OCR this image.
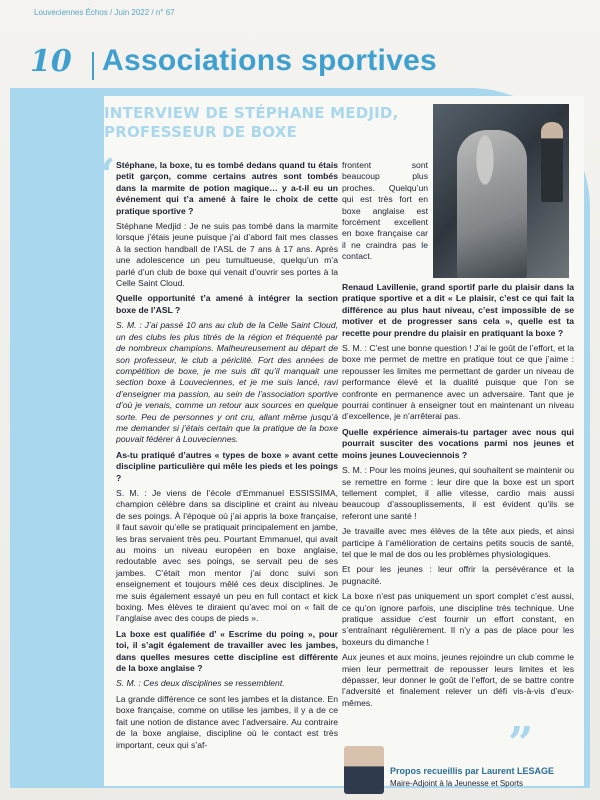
Louveciennes Échos / Juin 2022 / n° 67
10 Associations sportives
INTERVIEW DE STÉPHANE MEDJID,
PROFESSEUR DE BOXE
“ Stéphane, la boxe, tu es tombé dedans quand tu étais petit garçon, comme certains autres sont tombés dans la marmite de potion magique… y a-t-il eu un événement qui t’a amené à faire le choix de cette pratique sportive ?

Stéphane Medjid : Je ne suis pas tombé dans la marmite lorsque j’étais jeune puisque j’ai d’abord fait mes classes à la section handball de l’ASL de 7 ans à 17 ans. Après une adolescence un peu tumultueuse, quelqu’un m’a parlé d’un club de boxe qui venait d’ouvrir ses portes à la Celle Saint Cloud.

Quelle opportunité t’a amené à intégrer la section boxe de l’ASL ?

S. M. : J’ai passé 10 ans au club de la Celle Saint Cloud, un des clubs les plus titrés de la région et fréquenté par de nombreux champions. Malheureusement au départ de son professeur, le club a périclité. Fort des années de compétition de boxe, je me suis dit qu’il manquait une section boxe à Louveciennes, et je me suis lancé, ravi d’enseigner ma passion, au sein de l’association sportive d’où je venais, comme un retour aux sources en quelque sorte. Peu de personnes y ont cru, allant même jusqu’à me demander si j’étais certain que la pratique de la boxe pouvait fédérer à Louveciennes.

As-tu pratiqué d’autres « types de boxe » avant cette discipline particulière qui mêle les pieds et les poings ?

S. M. : Je viens de l’école d’Emmanuel ESSISSIMA, champion célèbre dans sa discipline et craint au niveau de ses poings. À l’époque où j’ai appris la boxe française, il faut savoir qu’elle se pratiquait principalement en jambe, les bras servaient très peu. Pourtant Emmanuel, qui avait au moins un niveau européen en boxe anglaise, redoutable avec ses poings, se servait peu de ses jambes. C’était mon mentor j’ai donc suivi son enseignement et toujours mêlé ces deux disciplines. Je me suis également essayé un peu en full contact et kick boxing. Mes élèves te diraient qu’avec moi on « fait de l’anglaise avec des coups de pieds ».

La boxe est qualifiée d’ « Escrime du poing », pour toi, il s’agit également de travailler avec les jambes, dans quelles mesures cette discipline est différente de la boxe anglaise ?

S. M. : Ces deux disciplines se ressemblent.

La grande différence ce sont les jambes et la distance. En boxe française, comme on utilise les jambes, il y a de ce fait une notion de distance avec l’adversaire. Au contraire de la boxe anglaise, discipline où le contact est très important, ceux qui s’af-

frontent sont beaucoup plus proches. Quelqu’un qui est très fort en boxe anglaise est forcément excellent en boxe française car il ne craindra pas le contact.

Renaud Lavillenie, grand sportif parle du plaisir dans la pratique sportive et a dit « Le plaisir, c’est ce qui fait la différence au plus haut niveau, c’est impossible de se motiver et de progresser sans cela », quelle est ta recette pour prendre du plaisir en pratiquant la boxe ?

S. M. : C’est une bonne question ! J’ai le goût de l’effort, et la boxe me permet de mettre en pratique tout ce que j’aime : repousser les limites me permettant de garder un niveau de performance élevé et la dualité puisque que l’on se confronte en permanence avec un adversaire. Tant que je pourrai continuer à enseigner tout en maintenant un niveau d’excellence, je n’arrêterai pas.

Quelle expérience aimerais-tu partager avec nous qui pourrait susciter des vocations parmi nos jeunes et moins jeunes Louveciennois ?

S. M. : Pour les moins jeunes, qui souhaitent se maintenir ou se remettre en forme : leur dire que la boxe est un sport tellement complet, il allie vitesse, cardio mais aussi beaucoup d’assouplissements, il est évident qu’ils se referont une santé !

Je travaille avec mes élèves de la tête aux pieds, et ainsi participe à l’amélioration de certains petits soucis de santé, tel que le mal de dos ou les problèmes physiologiques.

Et pour les jeunes : leur offrir la persévérance et la pugnacité.

La boxe n’est pas uniquement un sport complet c’est aussi, ce qu’on ignore parfois, une discipline très technique. Une pratique assidue c’est fournir un effort constant, en s’entraînant régulièrement. Il n’y a pas de place pour les boxeurs du dimanche !

Aux jeunes et aux moins, jeunes rejoindre un club comme le mien leur permettrait de repousser leurs limites et les dépasser, leur donner le goût de l’effort, de se battre contre l’adversité et finalement relever un défi vis-à-vis d’eux-mêmes.

”
Propos recueillis par Laurent LESAGE
Maire-Adjoint à la Jeunesse et Sports
